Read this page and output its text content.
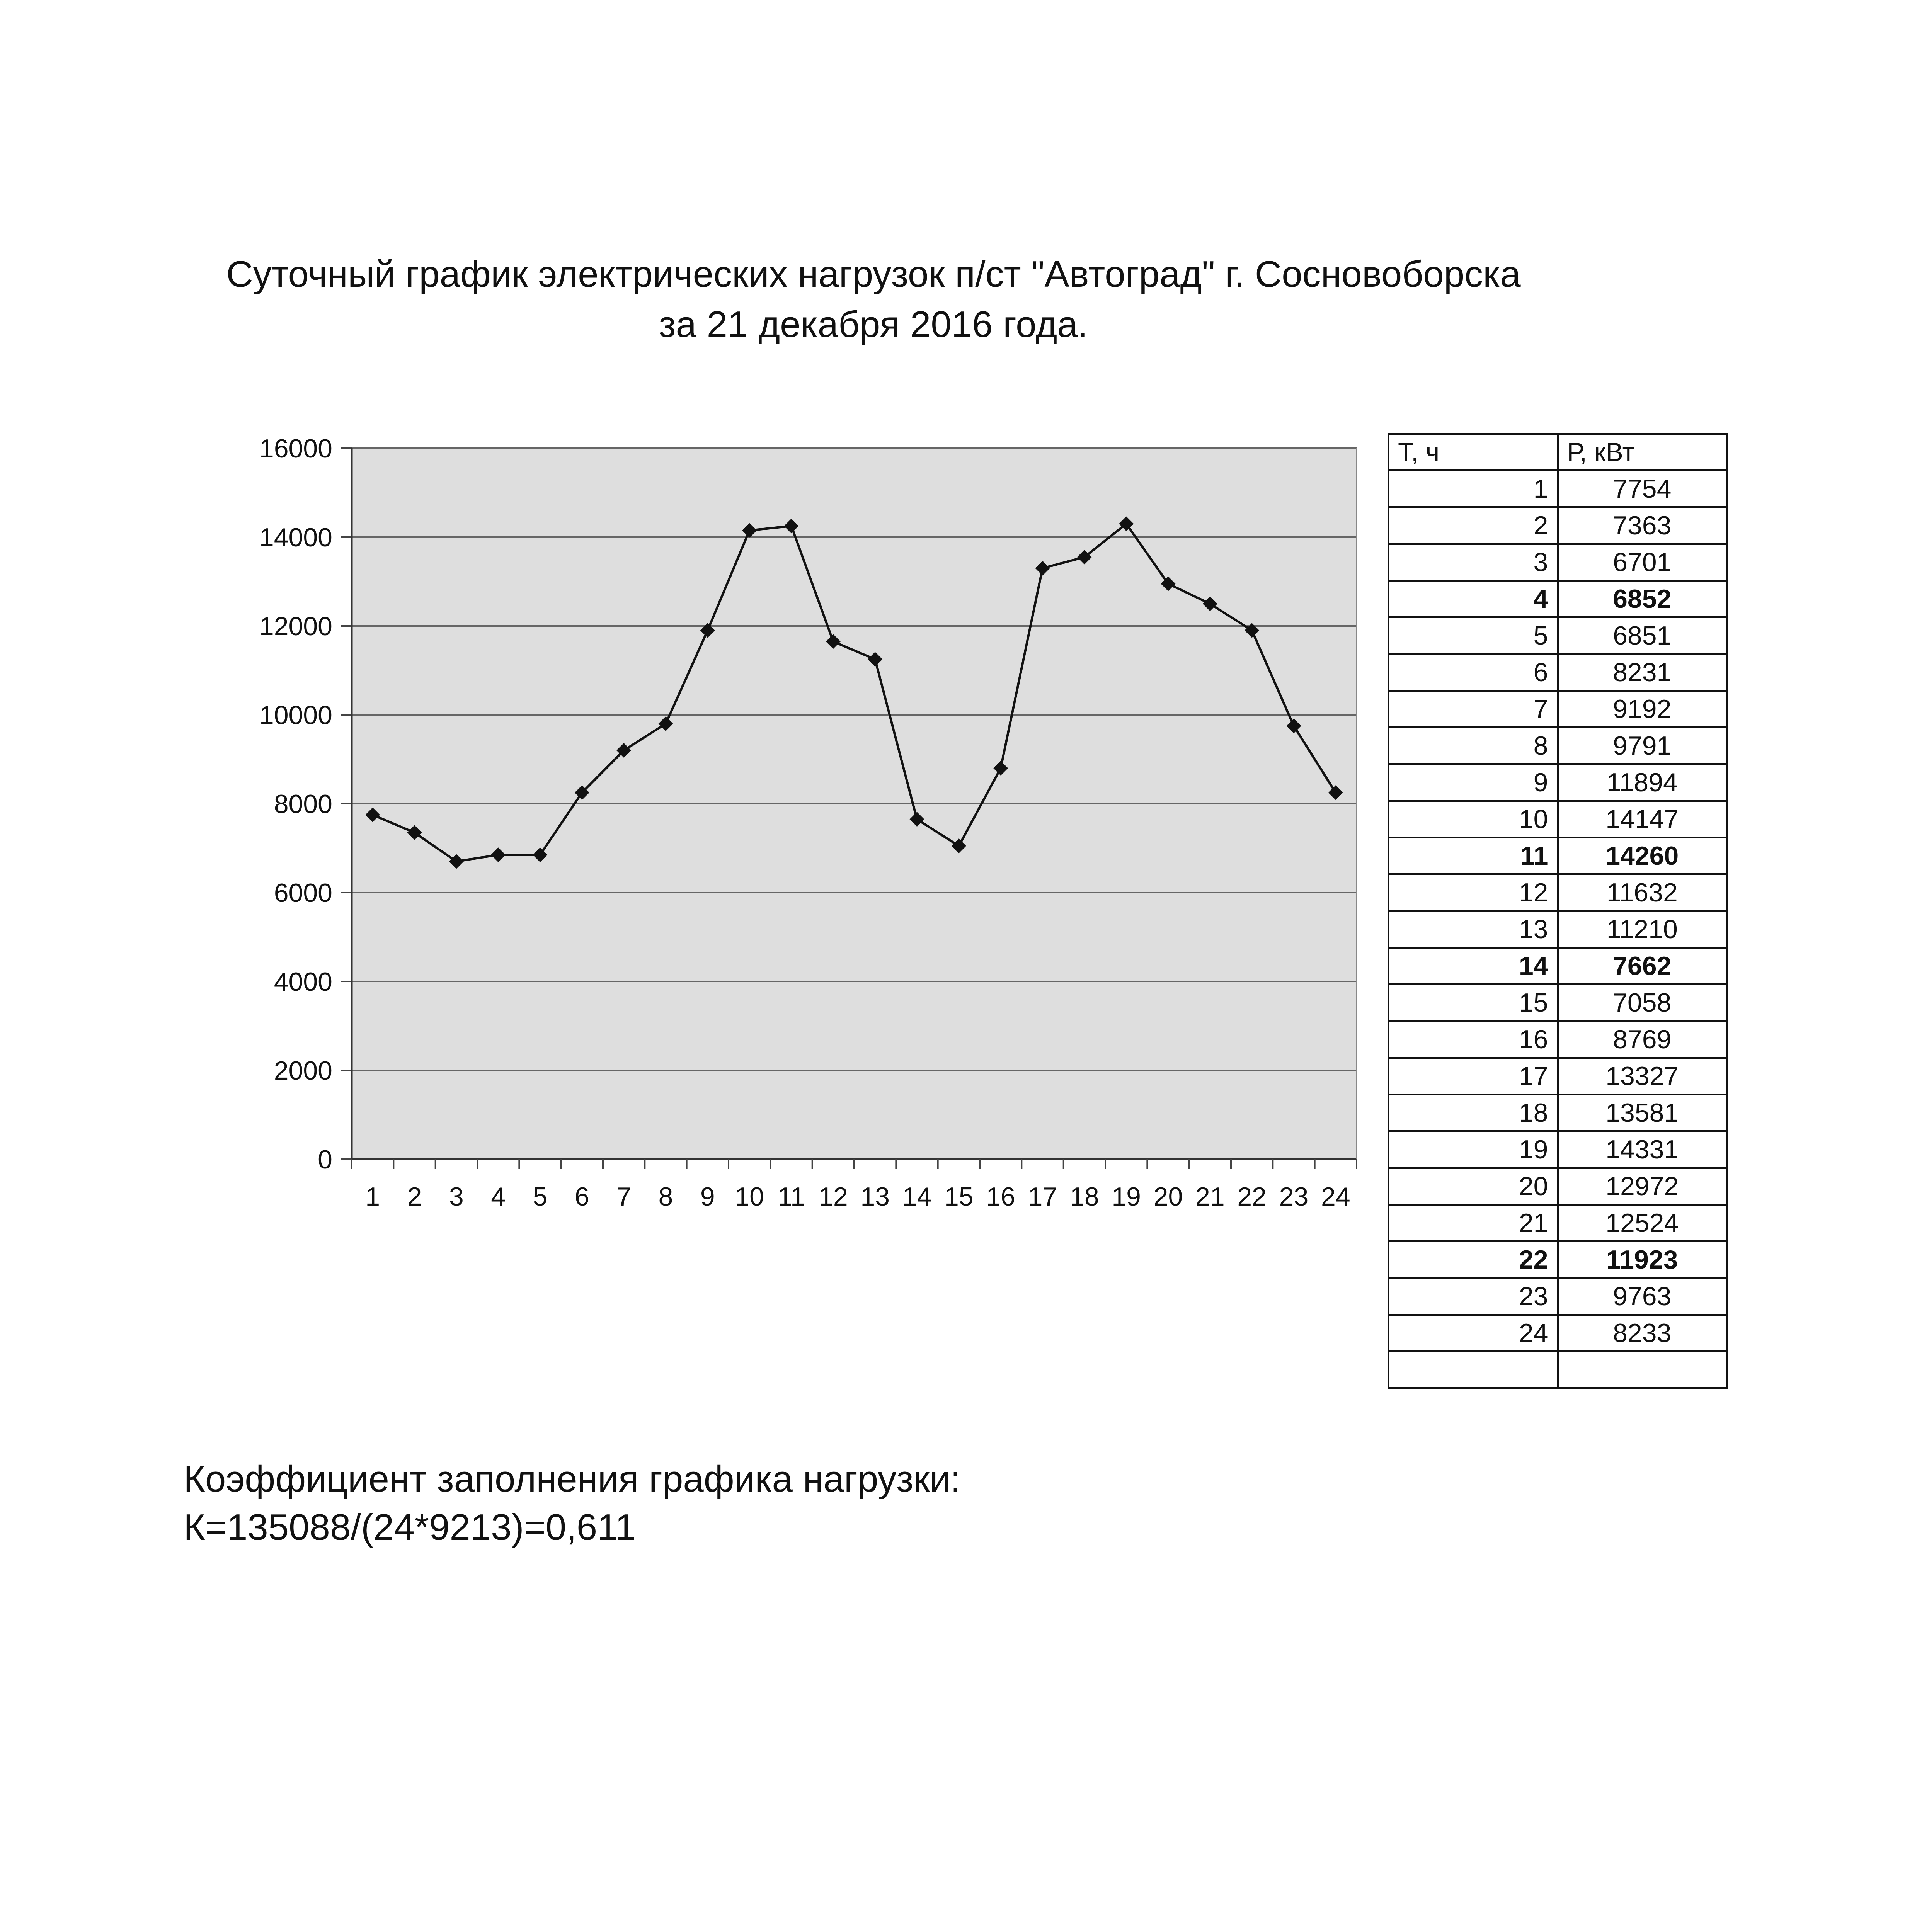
Суточный график электрических нагрузок п/ст "Автоград" г. Сосновоборска
за 21 декабря 2016 года.
0
2000
4000
6000
8000
10000
12000
14000
16000
1 2 3 4 5 6 7 8 9 10 11 12 13 14 15 16 17 18 19 20 21 22 23 24
Т, ч	Р, кВт
1	7754
2	7363
3	6701
4	6852
5	6851
6	8231
7	9192
8	9791
9	11894
10	14147
11	14260
12	11632
13	11210
14	7662
15	7058
16	8769
17	13327
18	13581
19	14331
20	12972
21	12524
22	11923
23	9763
24	8233

Коэффициент заполнения графика нагрузки:
К=135088/(24*9213)=0,611
